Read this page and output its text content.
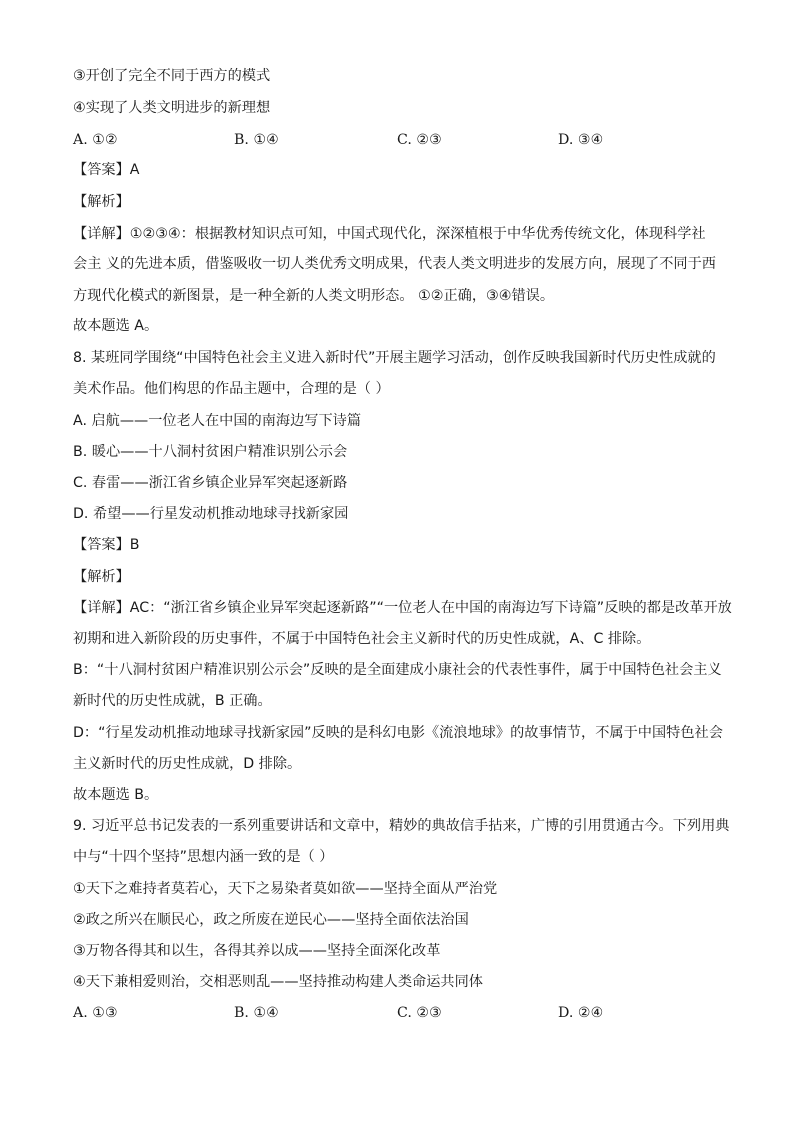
③开创了完全不同于西方的模式
④实现了人类文明进步的新理想
A. ①②	B. ①④	C. ②③	D. ③④
【答案】A
【解析】
【详解】①②③④：根据教材知识点可知，中国式现代化，深深植根于中华优秀传统文化，体现科学社
会主 义的先进本质，借鉴吸收一切人类优秀文明成果，代表人类文明进步的发展方向，展现了不同于西
方现代化模式的新图景，是一种全新的人类文明形态。 ①②正确，③④错误。
故本题选 A。
8. 某班同学围绕“中国特色社会主义进入新时代”开展主题学习活动，创作反映我国新时代历史性成就的
美术作品。他们构思的作品主题中，合理的是（ ）
A. 启航——一位老人在中国的南海边写下诗篇
B. 暖心——十八洞村贫困户精准识别公示会
C. 春雷——浙江省乡镇企业异军突起逐新路
D. 希望——行星发动机推动地球寻找新家园
【答案】B
【解析】
【详解】AC：“浙江省乡镇企业异军突起逐新路”“一位老人在中国的南海边写下诗篇”反映的都是改革开放
初期和进入新阶段的历史事件，不属于中国特色社会主义新时代的历史性成就，A、C 排除。
B：“十八洞村贫困户精准识别公示会”反映的是全面建成小康社会的代表性事件，属于中国特色社会主义
新时代的历史性成就，B 正确。
D：“行星发动机推动地球寻找新家园”反映的是科幻电影《流浪地球》的故事情节，不属于中国特色社会
主义新时代的历史性成就，D 排除。
故本题选 B。
9. 习近平总书记发表的一系列重要讲话和文章中，精妙的典故信手拈来，广博的引用贯通古今。下列用典
中与“十四个坚持”思想内涵一致的是（ ）
①天下之难持者莫若心，天下之易染者莫如欲——坚持全面从严治党
②政之所兴在顺民心，政之所废在逆民心——坚持全面依法治国
③万物各得其和以生，各得其养以成——坚持全面深化改革
④天下兼相爱则治，交相恶则乱——坚持推动构建人类命运共同体
A. ①③	B. ①④	C. ②③	D. ②④
